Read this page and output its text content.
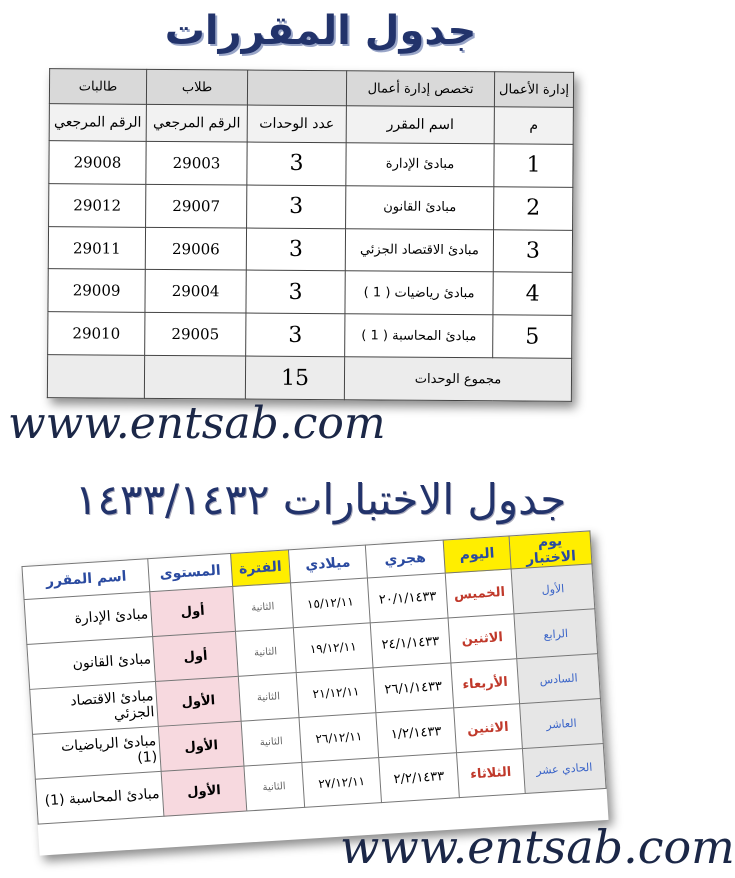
جدول المقررات
إدارة الأعمال	تخصص إدارة أعمال		طلاب	طالبات
م	اسم المقرر	عدد الوحدات	الرقم المرجعي	الرقم المرجعي
1	مبادئ الإدارة	3	29003	29008
2	مبادئ القانون	3	29007	29012
3	مبادئ الاقتصاد الجزئي	3	29006	29011
4	مبادئ رياضيات ( 1 )	3	29004	29009
5	مبادئ المحاسبة ( 1 )	3	29005	29010
مجموع الوحدات		15		
www.entsab.com
جدول الاختبارات ١٤٣٣/١٤٣٢
يوم الاختبار	اليوم	هجري	ميلادي	الفترة	المستوى	اسم المقرر
الأول	الخميس	٢٠/١/١٤٣٣	١٥/١٢/١١	الثانية	أول	مبادئ الإدارة
الرابع	الاثنين	٢٤/١/١٤٣٣	١٩/١٢/١١	الثانية	أول	مبادئ القانون
السادس	الأربعاء	٢٦/١/١٤٣٣	٢١/١٢/١١	الثانية	الأول	مبادئ الاقتصاد الجزئي
العاشر	الاثنين	١/٢/١٤٣٣	٢٦/١٢/١١	الثانية	الأول	مبادئ الرياضيات (1)
الحادي عشر	الثلاثاء	٢/٢/١٤٣٣	٢٧/١٢/١١	الثانية	الأول	مبادئ المحاسبة (1)
www.entsab.com
